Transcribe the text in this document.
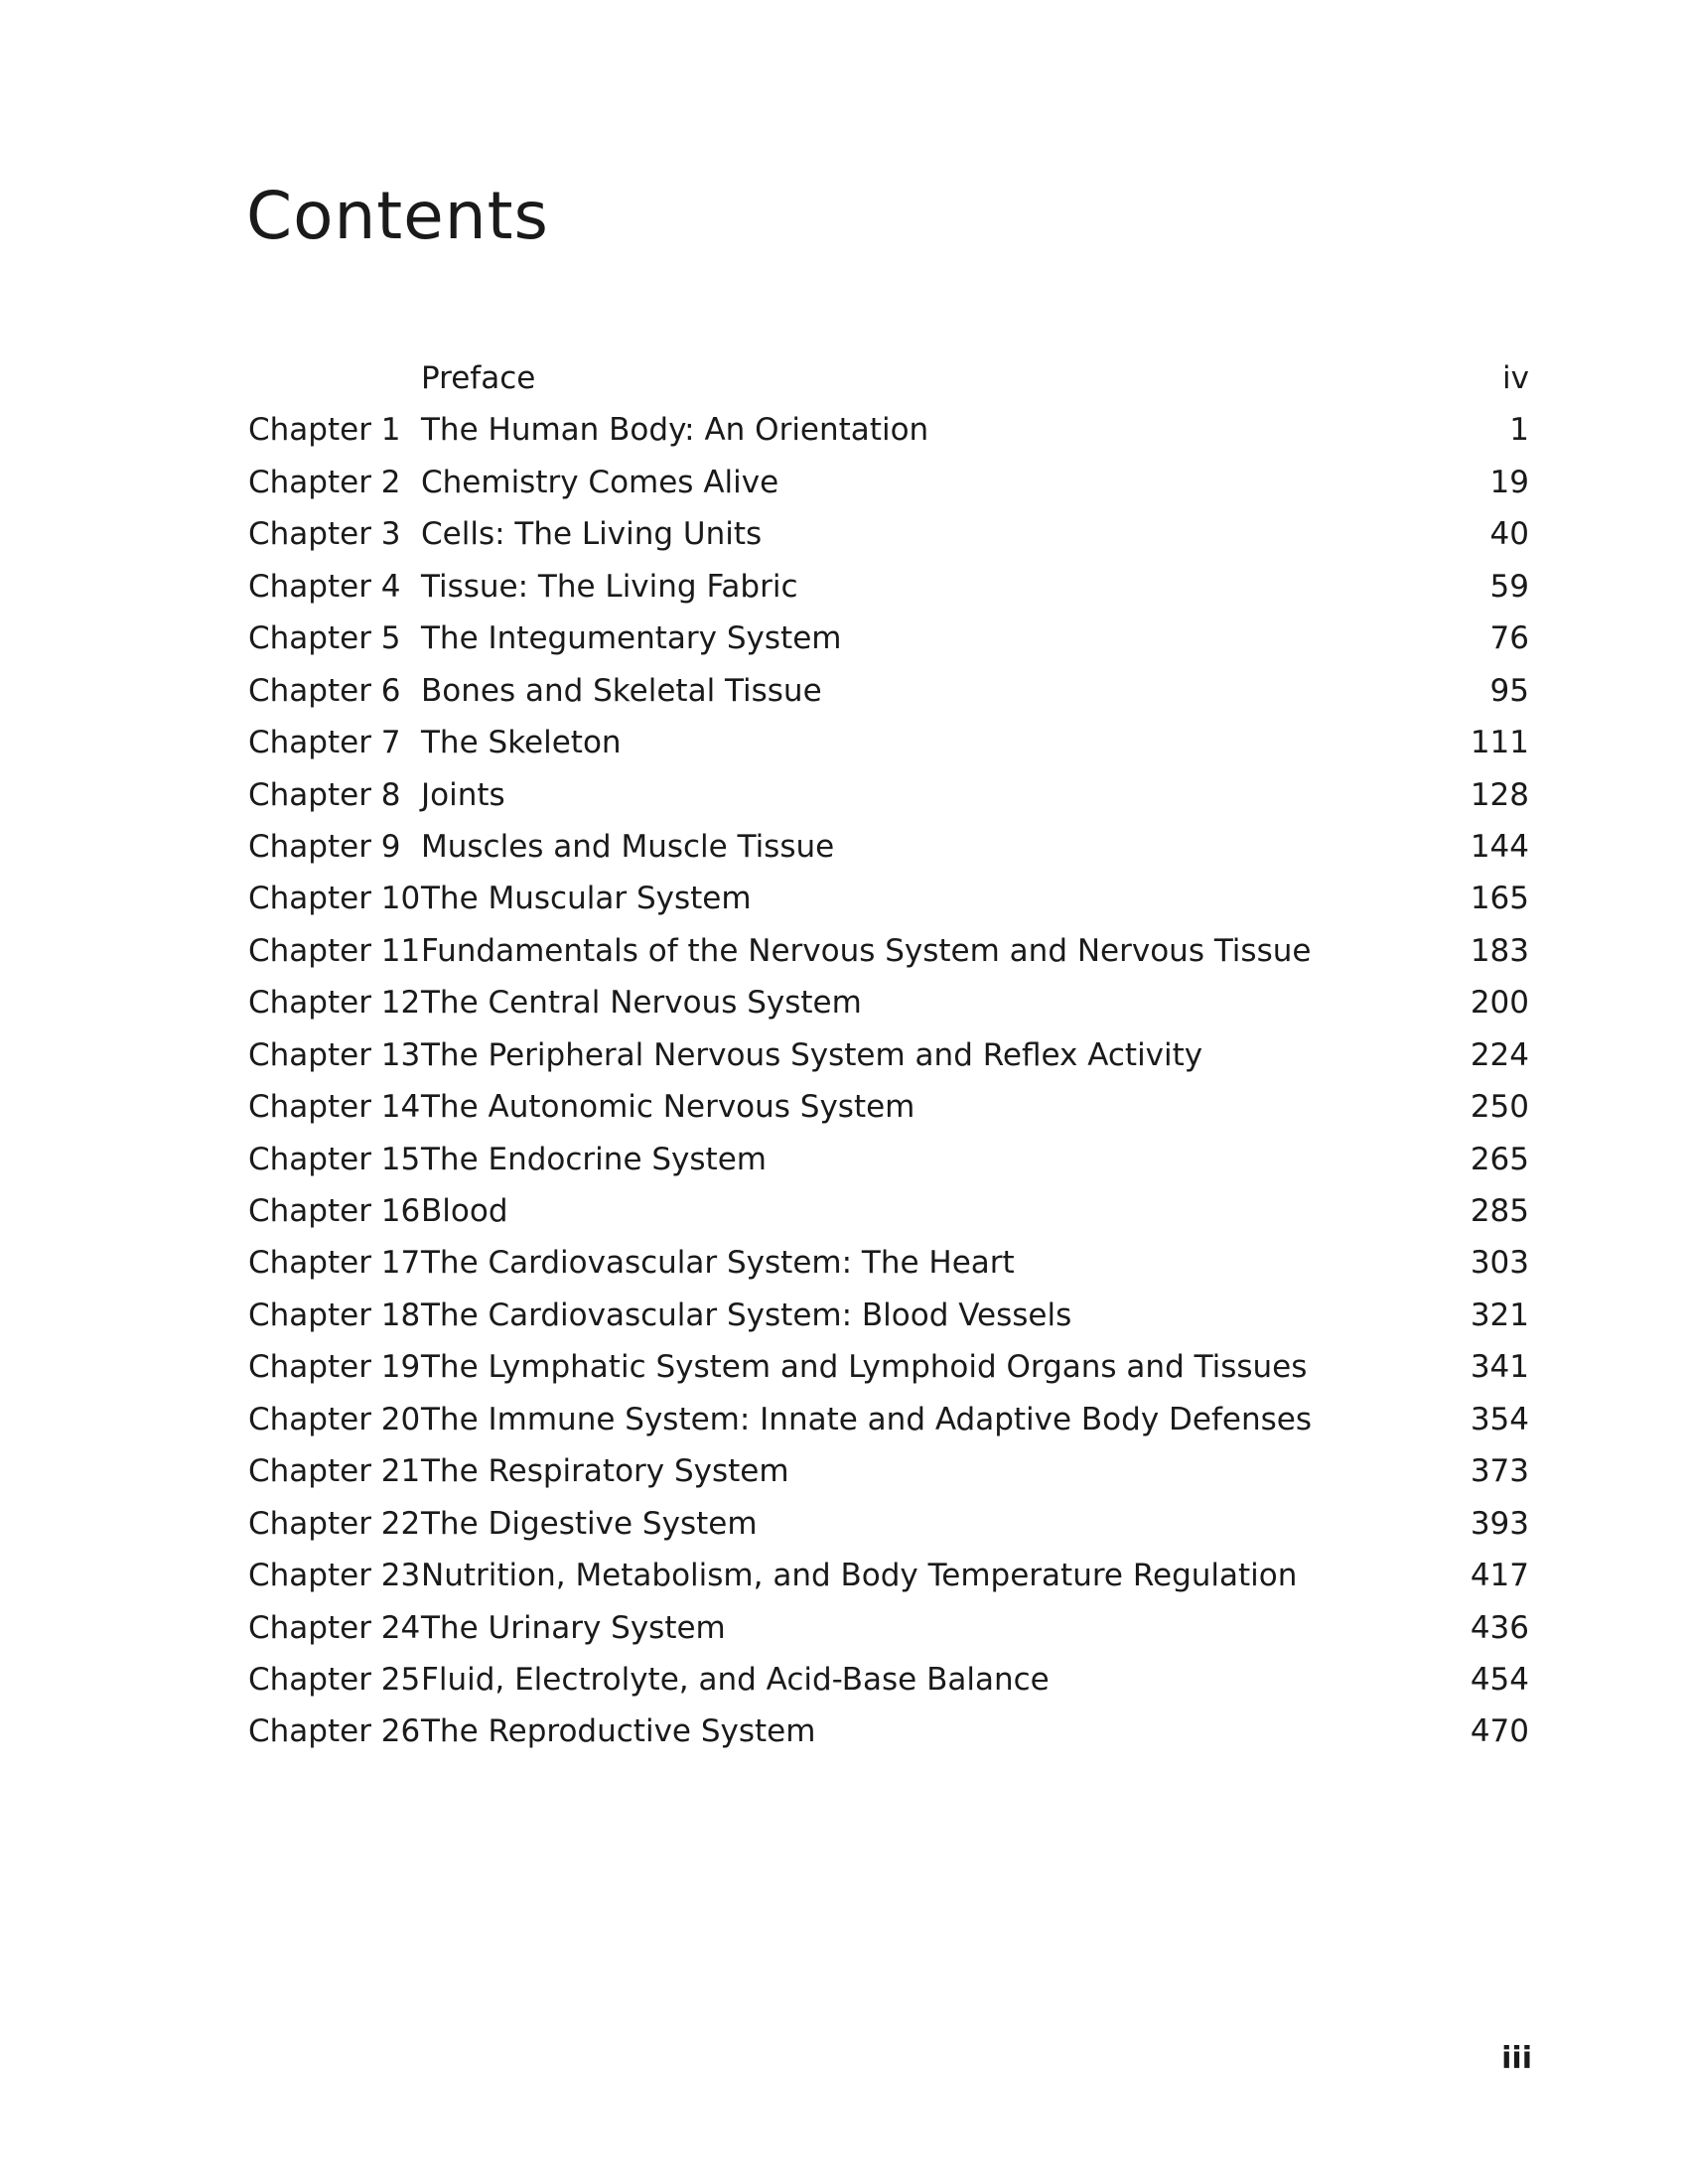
Contents
Preface	iv
Chapter 1 The Human Body: An Orientation	1
Chapter 2 Chemistry Comes Alive	19
Chapter 3 Cells: The Living Units	40
Chapter 4 Tissue: The Living Fabric	59
Chapter 5 The Integumentary System	76
Chapter 6 Bones and Skeletal Tissue	95
Chapter 7 The Skeleton	111
Chapter 8 Joints	128
Chapter 9 Muscles and Muscle Tissue	144
Chapter 10 The Muscular System	165
Chapter 11 Fundamentals of the Nervous System and Nervous Tissue	183
Chapter 12 The Central Nervous System	200
Chapter 13 The Peripheral Nervous System and Reflex Activity	224
Chapter 14 The Autonomic Nervous System	250
Chapter 15 The Endocrine System	265
Chapter 16 Blood	285
Chapter 17 The Cardiovascular System: The Heart	303
Chapter 18 The Cardiovascular System: Blood Vessels	321
Chapter 19 The Lymphatic System and Lymphoid Organs and Tissues	341
Chapter 20 The Immune System: Innate and Adaptive Body Defenses	354
Chapter 21 The Respiratory System	373
Chapter 22 The Digestive System	393
Chapter 23 Nutrition, Metabolism, and Body Temperature Regulation	417
Chapter 24 The Urinary System	436
Chapter 25 Fluid, Electrolyte, and Acid-Base Balance	454
Chapter 26 The Reproductive System	470
iii
